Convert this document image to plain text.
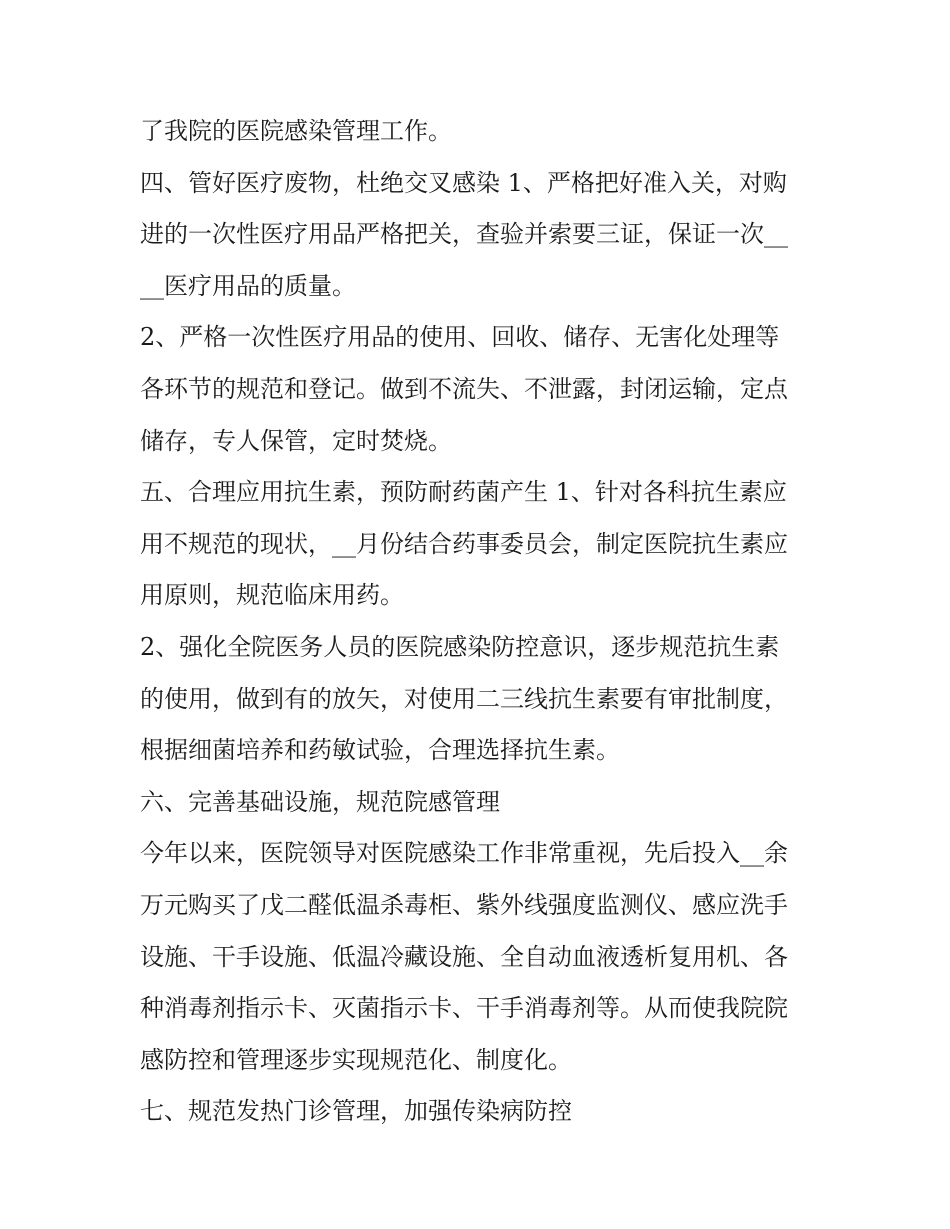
了我院的医院感染管理工作。
四、管好医疗废物，杜绝交叉感染 1、严格把好准入关，对购
进的一次性医疗用品严格把关，查验并索要三证，保证一次__
__医疗用品的质量。
2、严格一次性医疗用品的使用、回收、储存、无害化处理等
各环节的规范和登记。做到不流失、不泄露，封闭运输，定点
储存，专人保管，定时焚烧。
五、合理应用抗生素，预防耐药菌产生 1、针对各科抗生素应
用不规范的现状，__月份结合药事委员会，制定医院抗生素应
用原则，规范临床用药。
2、强化全院医务人员的医院感染防控意识，逐步规范抗生素
的使用，做到有的放矢，对使用二三线抗生素要有审批制度，
根据细菌培养和药敏试验，合理选择抗生素。
六、完善基础设施，规范院感管理
今年以来，医院领导对医院感染工作非常重视，先后投入__余
万元购买了戊二醛低温杀毒柜、紫外线强度监测仪、感应洗手
设施、干手设施、低温冷藏设施、全自动血液透析复用机、各
种消毒剂指示卡、灭菌指示卡、干手消毒剂等。从而使我院院
感防控和管理逐步实现规范化、制度化。
七、规范发热门诊管理，加强传染病防控
